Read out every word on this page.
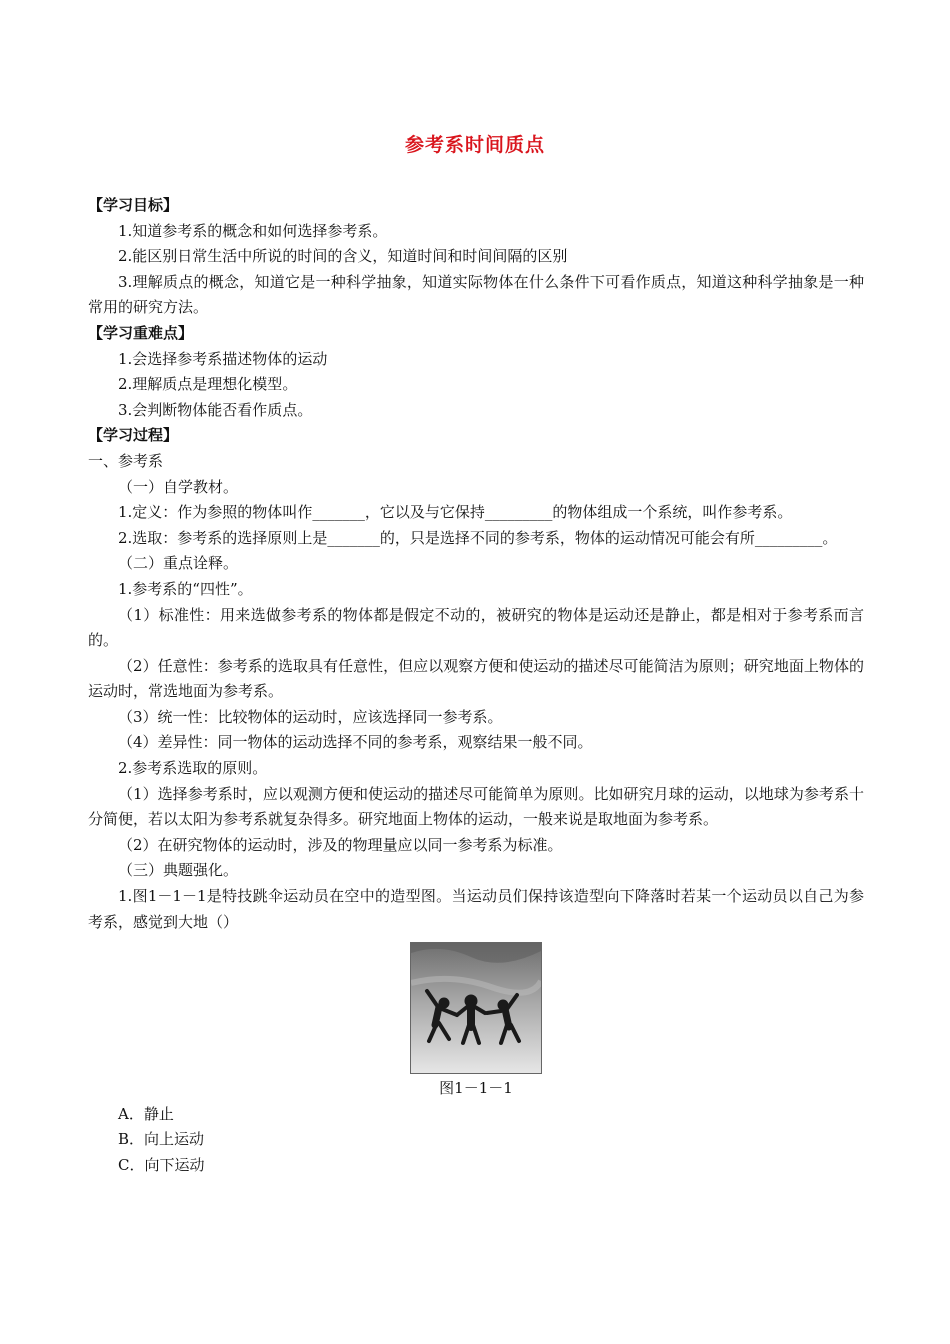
参考系时间质点

【学习目标】

1.知道参考系的概念和如何选择参考系。

2.能区别日常生活中所说的时间的含义，知道时间和时间间隔的区别

3.理解质点的概念，知道它是一种科学抽象，知道实际物体在什么条件下可看作质点，知道这种科学抽象是一种常用的研究方法。

【学习重难点】

1.会选择参考系描述物体的运动

2.理解质点是理想化模型。

3.会判断物体能否看作质点。

【学习过程】

一、参考系

（一）自学教材。

1.定义：作为参照的物体叫作_______，它以及与它保持_________的物体组成一个系统，叫作参考系。

2.选取：参考系的选择原则上是_______的，只是选择不同的参考系，物体的运动情况可能会有所_________。

（二）重点诠释。

1.参考系的“四性”。

（1）标准性：用来选做参考系的物体都是假定不动的，被研究的物体是运动还是静止，都是相对于参考系而言的。

（2）任意性：参考系的选取具有任意性，但应以观察方便和使运动的描述尽可能简洁为原则；研究地面上物体的运动时，常选地面为参考系。

（3）统一性：比较物体的运动时，应该选择同一参考系。

（4）差异性：同一物体的运动选择不同的参考系，观察结果一般不同。

2.参考系选取的原则。

（1）选择参考系时，应以观测方便和使运动的描述尽可能简单为原则。比如研究月球的运动，以地球为参考系十分简便，若以太阳为参考系就复杂得多。研究地面上物体的运动，一般来说是取地面为参考系。

（2）在研究物体的运动时，涉及的物理量应以同一参考系为标准。

（三）典题强化。

1.图1－1－1是特技跳伞运动员在空中的造型图。当运动员们保持该造型向下降落时若某一个运动员以自己为参考系，感觉到大地（）

图1－1－1

A．静止

B．向上运动

C．向下运动
